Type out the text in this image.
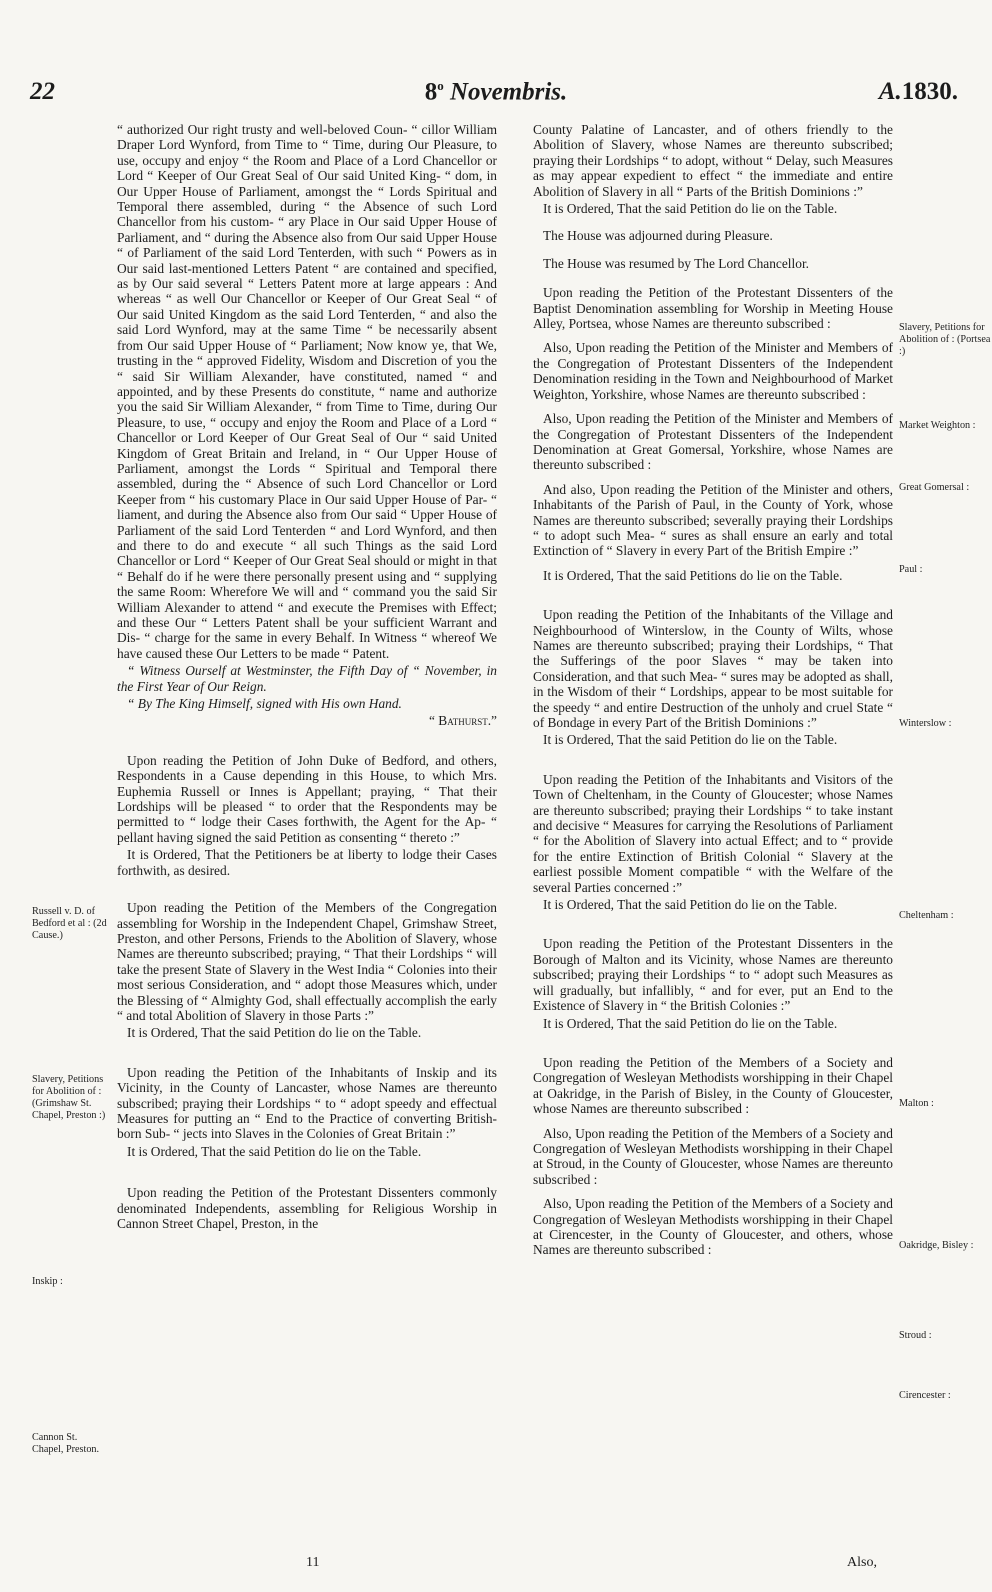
22	8$^o$ Novembris.	A.1830.

“ authorized Our right trusty and well-beloved Coun- “ cillor William Draper Lord Wynford, from Time to “ Time, during Our Pleasure, to use, occupy and enjoy “ the Room and Place of a Lord Chancellor or Lord “ Keeper of Our Great Seal of Our said United King- “ dom, in Our Upper House of Parliament, amongst the “ Lords Spiritual and Temporal there assembled, during “ the Absence of such Lord Chancellor from his custom- “ ary Place in Our said Upper House of Parliament, and “ during the Absence also from Our said Upper House “ of Parliament of the said Lord Tenterden, with such “ Powers as in Our said last-mentioned Letters Patent “ are contained and specified, as by Our said several “ Letters Patent more at large appears : And whereas “ as well Our Chancellor or Keeper of Our Great Seal “ of Our said United Kingdom as the said Lord Tenterden, “ and also the said Lord Wynford, may at the same Time “ be necessarily absent from Our said Upper House of “ Parliament; Now know ye, that We, trusting in the “ approved Fidelity, Wisdom and Discretion of you the “ said Sir William Alexander, have constituted, named “ and appointed, and by these Presents do constitute, “ name and authorize you the said Sir William Alexander, “ from Time to Time, during Our Pleasure, to use, “ occupy and enjoy the Room and Place of a Lord “ Chancellor or Lord Keeper of Our Great Seal of Our “ said United Kingdom of Great Britain and Ireland, in “ Our Upper House of Parliament, amongst the Lords “ Spiritual and Temporal there assembled, during the “ Absence of such Lord Chancellor or Lord Keeper from “ his customary Place in Our said Upper House of Par- “ liament, and during the Absence also from Our said “ Upper House of Parliament of the said Lord Tenterden “ and Lord Wynford, and then and there to do and execute “ all such Things as the said Lord Chancellor or Lord “ Keeper of Our Great Seal should or might in that “ Behalf do if he were there personally present using and “ supplying the same Room: Wherefore We will and “ command you the said Sir William Alexander to attend “ and execute the Premises with Effect; and these Our “ Letters Patent shall be your sufficient Warrant and Dis- “ charge for the same in every Behalf. In Witness “ whereof We have caused these Our Letters to be made “ Patent.

“ Witness Ourself at Westminster, the Fifth Day of “ November, in the First Year of Our Reign.

“ By The King Himself, signed with His own Hand.

“ Bathurst.”

Upon reading the Petition of John Duke of Bedford, and others, Respondents in a Cause depending in this House, to which Mrs. Euphemia Russell or Innes is Appellant; praying, “ That their Lordships will be pleased “ to order that the Respondents may be permitted to “ lodge their Cases forthwith, the Agent for the Ap- “ pellant having signed the said Petition as consenting “ thereto :”

It is Ordered, That the Petitioners be at liberty to lodge their Cases forthwith, as desired.

Upon reading the Petition of the Members of the Congregation assembling for Worship in the Independent Chapel, Grimshaw Street, Preston, and other Persons, Friends to the Abolition of Slavery, whose Names are thereunto subscribed; praying, “ That their Lordships “ will take the present State of Slavery in the West India “ Colonies into their most serious Consideration, and “ adopt those Measures which, under the Blessing of “ Almighty God, shall effectually accomplish the early “ and total Abolition of Slavery in those Parts :”

It is Ordered, That the said Petition do lie on the Table.

Upon reading the Petition of the Inhabitants of Inskip and its Vicinity, in the County of Lancaster, whose Names are thereunto subscribed; praying their Lordships “ to “ adopt speedy and effectual Measures for putting an “ End to the Practice of converting British-born Sub- “ jects into Slaves in the Colonies of Great Britain :”

It is Ordered, That the said Petition do lie on the Table.

Upon reading the Petition of the Protestant Dissenters commonly denominated Independents, assembling for Religious Worship in Cannon Street Chapel, Preston, in the

County Palatine of Lancaster, and of others friendly to the Abolition of Slavery, whose Names are thereunto subscribed; praying their Lordships “ to adopt, without “ Delay, such Measures as may appear expedient to effect “ the immediate and entire Abolition of Slavery in all “ Parts of the British Dominions :”

It is Ordered, That the said Petition do lie on the Table.

The House was adjourned during Pleasure.

The House was resumed by The Lord Chancellor.

Upon reading the Petition of the Protestant Dissenters of the Baptist Denomination assembling for Worship in Meeting House Alley, Portsea, whose Names are thereunto subscribed :

Also, Upon reading the Petition of the Minister and Members of the Congregation of Protestant Dissenters of the Independent Denomination residing in the Town and Neighbourhood of Market Weighton, Yorkshire, whose Names are thereunto subscribed :

Also, Upon reading the Petition of the Minister and Members of the Congregation of Protestant Dissenters of the Independent Denomination at Great Gomersal, Yorkshire, whose Names are thereunto subscribed :

And also, Upon reading the Petition of the Minister and others, Inhabitants of the Parish of Paul, in the County of York, whose Names are thereunto subscribed; severally praying their Lordships “ to adopt such Mea- “ sures as shall ensure an early and total Extinction of “ Slavery in every Part of the British Empire :”

It is Ordered, That the said Petitions do lie on the Table.

Upon reading the Petition of the Inhabitants of the Village and Neighbourhood of Winterslow, in the County of Wilts, whose Names are thereunto subscribed; praying their Lordships, “ That the Sufferings of the poor Slaves “ may be taken into Consideration, and that such Mea- “ sures may be adopted as shall, in the Wisdom of their “ Lordships, appear to be most suitable for the speedy “ and entire Destruction of the unholy and cruel State “ of Bondage in every Part of the British Dominions :”

It is Ordered, That the said Petition do lie on the Table.

Upon reading the Petition of the Inhabitants and Visitors of the Town of Cheltenham, in the County of Gloucester; whose Names are thereunto subscribed; praying their Lordships “ to take instant and decisive “ Measures for carrying the Resolutions of Parliament “ for the Abolition of Slavery into actual Effect; and to “ provide for the entire Extinction of British Colonial “ Slavery at the earliest possible Moment compatible “ with the Welfare of the several Parties concerned :”

It is Ordered, That the said Petition do lie on the Table.

Upon reading the Petition of the Protestant Dissenters in the Borough of Malton and its Vicinity, whose Names are thereunto subscribed; praying their Lordships “ to “ adopt such Measures as will gradually, but infallibly, “ and for ever, put an End to the Existence of Slavery in “ the British Colonies :”

It is Ordered, That the said Petition do lie on the Table.

Upon reading the Petition of the Members of a Society and Congregation of Wesleyan Methodists worshipping in their Chapel at Oakridge, in the Parish of Bisley, in the County of Gloucester, whose Names are thereunto subscribed :

Also, Upon reading the Petition of the Members of a Society and Congregation of Wesleyan Methodists worshipping in their Chapel at Stroud, in the County of Gloucester, whose Names are thereunto subscribed :

Also, Upon reading the Petition of the Members of a Society and Congregation of Wesleyan Methodists worshipping in their Chapel at Cirencester, in the County of Gloucester, and others, whose Names are thereunto subscribed :

Russell v. D. of Bedford et al : (2d Cause.)
Slavery, Petitions for Abolition of : (Grimshaw St. Chapel, Preston :)
Inskip :
Cannon St. Chapel, Preston.
Slavery, Petitions for Abolition of : (Portsea :)
Market Weighton :
Great Gomersal :
Paul :
Winterslow :
Cheltenham :
Malton :
Oakridge, Bisley :
Stroud :
Cirencester :
11	Also,
